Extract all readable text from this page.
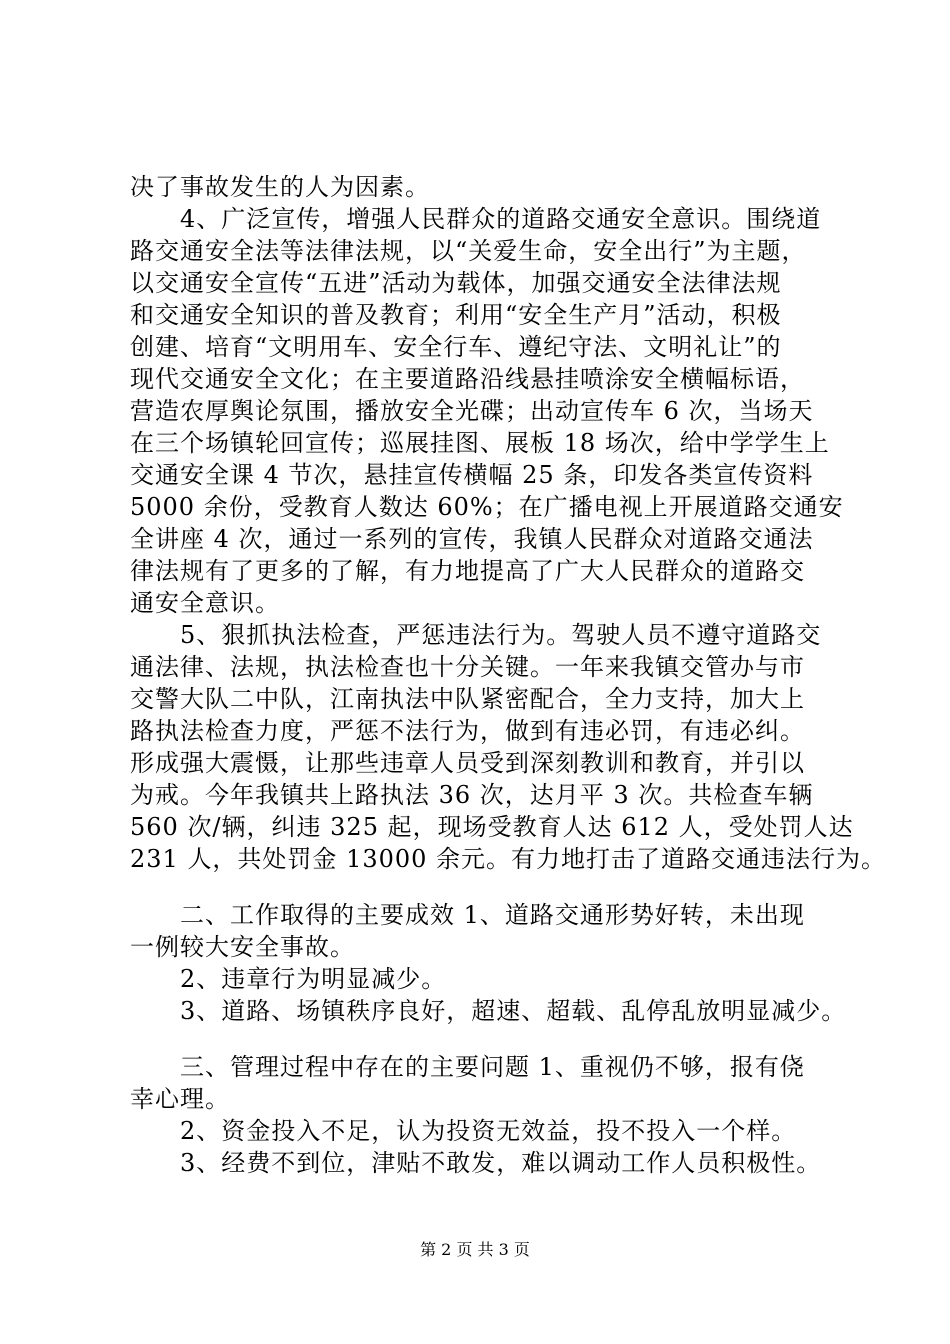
决了事故发生的人为因素。
　　4、广泛宣传，增强人民群众的道路交通安全意识。围绕道
路交通安全法等法律法规，以“关爱生命，安全出行”为主题，
以交通安全宣传“五进”活动为载体，加强交通安全法律法规
和交通安全知识的普及教育；利用“安全生产月”活动，积极
创建、培育“文明用车、安全行车、遵纪守法、文明礼让”的
现代交通安全文化；在主要道路沿线悬挂喷涂安全横幅标语，
营造农厚舆论氛围，播放安全光碟；出动宣传车 6 次，当场天
在三个场镇轮回宣传；巡展挂图、展板 18 场次，给中学学生上
交通安全课 4 节次，悬挂宣传横幅 25 条，印发各类宣传资料
5000 余份，受教育人数达 60%；在广播电视上开展道路交通安
全讲座 4 次，通过一系列的宣传，我镇人民群众对道路交通法
律法规有了更多的了解，有力地提高了广大人民群众的道路交
通安全意识。
　　5、狠抓执法检查，严惩违法行为。驾驶人员不遵守道路交
通法律、法规，执法检查也十分关键。一年来我镇交管办与市
交警大队二中队，江南执法中队紧密配合，全力支持，加大上
路执法检查力度，严惩不法行为，做到有违必罚，有违必纠。
形成强大震慑，让那些违章人员受到深刻教训和教育，并引以
为戒。今年我镇共上路执法 36 次，达月平 3 次。共检查车辆
560 次/辆，纠违 325 起，现场受教育人达 612 人，受处罚人达
231 人，共处罚金 13000 余元。有力地打击了道路交通违法行为。
　　二、工作取得的主要成效 1、道路交通形势好转，未出现
一例较大安全事故。
　　2、违章行为明显减少。
　　3、道路、场镇秩序良好，超速、超载、乱停乱放明显减少。
　　三、管理过程中存在的主要问题 1、重视仍不够，报有侥
幸心理。
　　2、资金投入不足，认为投资无效益，投不投入一个样。
　　3、经费不到位，津贴不敢发，难以调动工作人员积极性。
第 2 页 共 3 页
